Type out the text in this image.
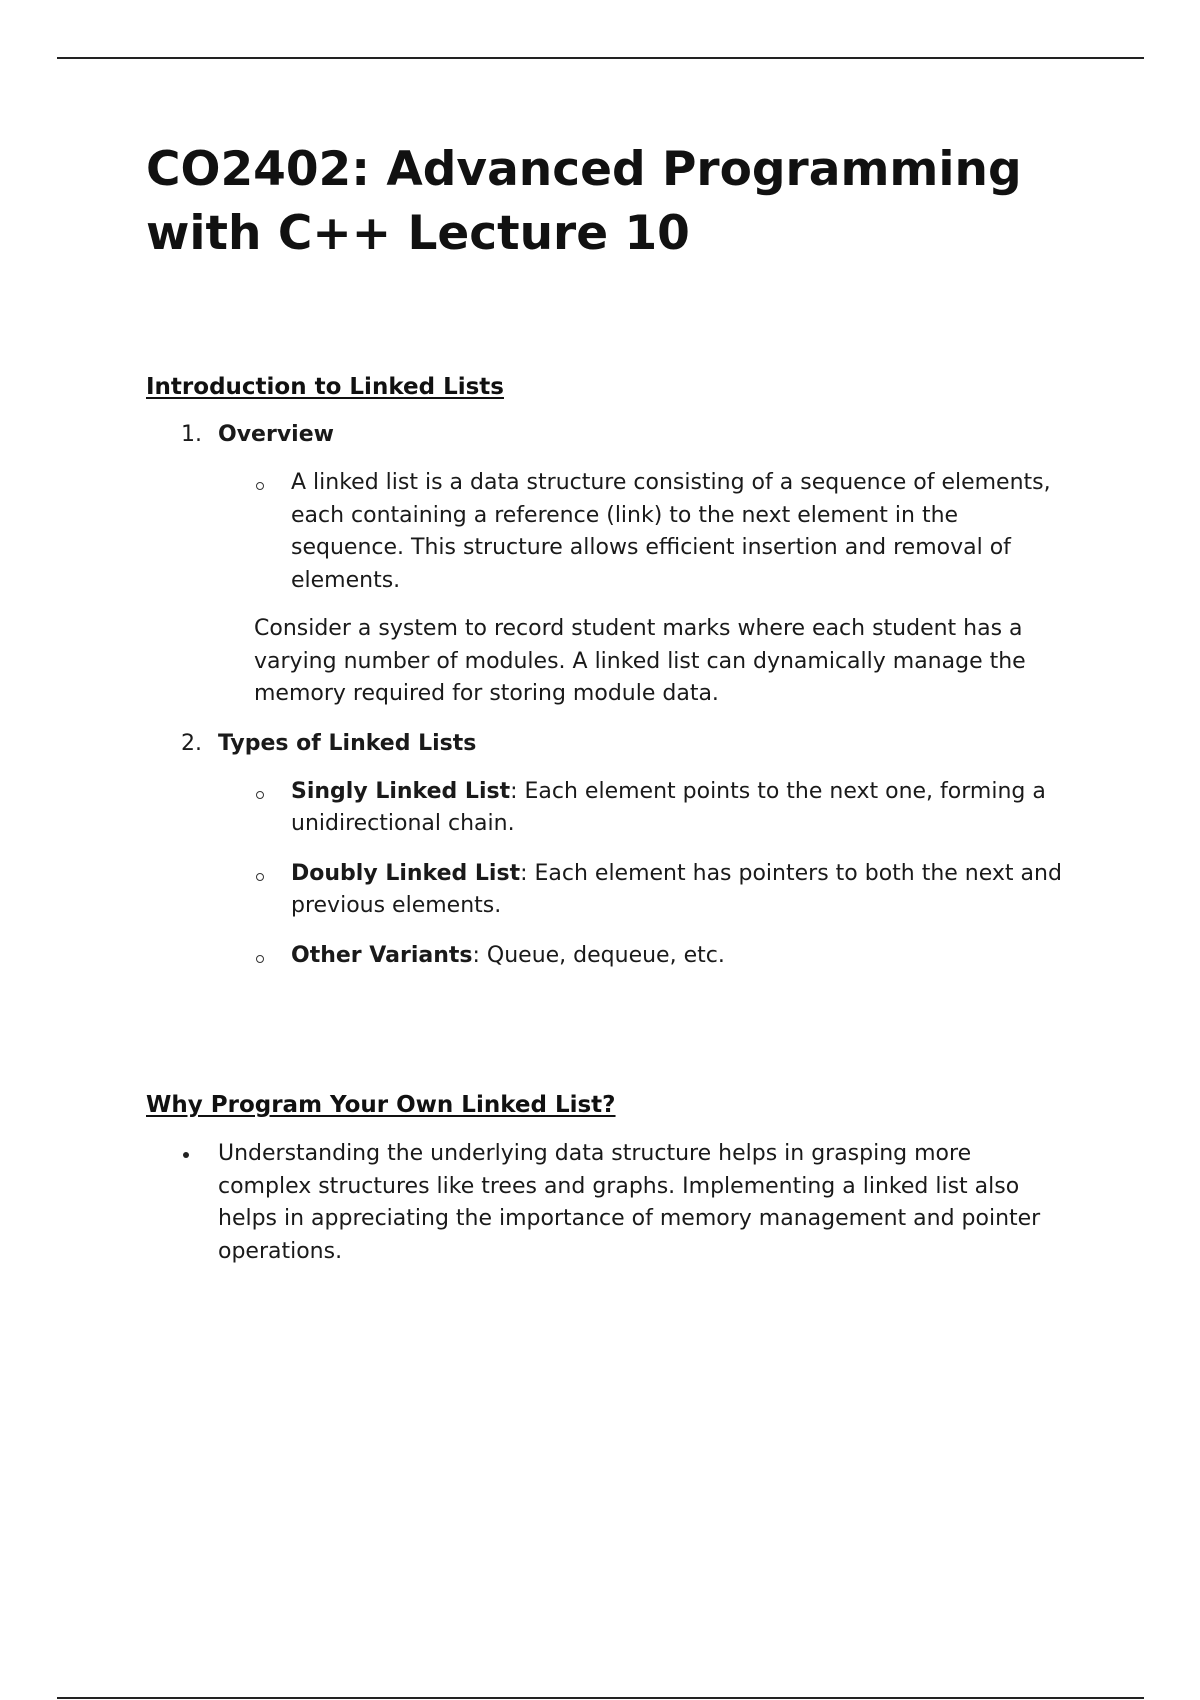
CO2402: Advanced Programming
with C++ Lecture 10
Introduction to Linked Lists
1. Overview
A linked list is a data structure consisting of a sequence of elements, each containing a reference (link) to the next element in the sequence. This structure allows efficient insertion and removal of elements.
Consider a system to record student marks where each student has a varying number of modules. A linked list can dynamically manage the memory required for storing module data.
2. Types of Linked Lists
Singly Linked List: Each element points to the next one, forming a unidirectional chain.
Doubly Linked List: Each element has pointers to both the next and previous elements.
Other Variants: Queue, dequeue, etc.
Why Program Your Own Linked List?
Understanding the underlying data structure helps in grasping more complex structures like trees and graphs. Implementing a linked list also helps in appreciating the importance of memory management and pointer operations.
